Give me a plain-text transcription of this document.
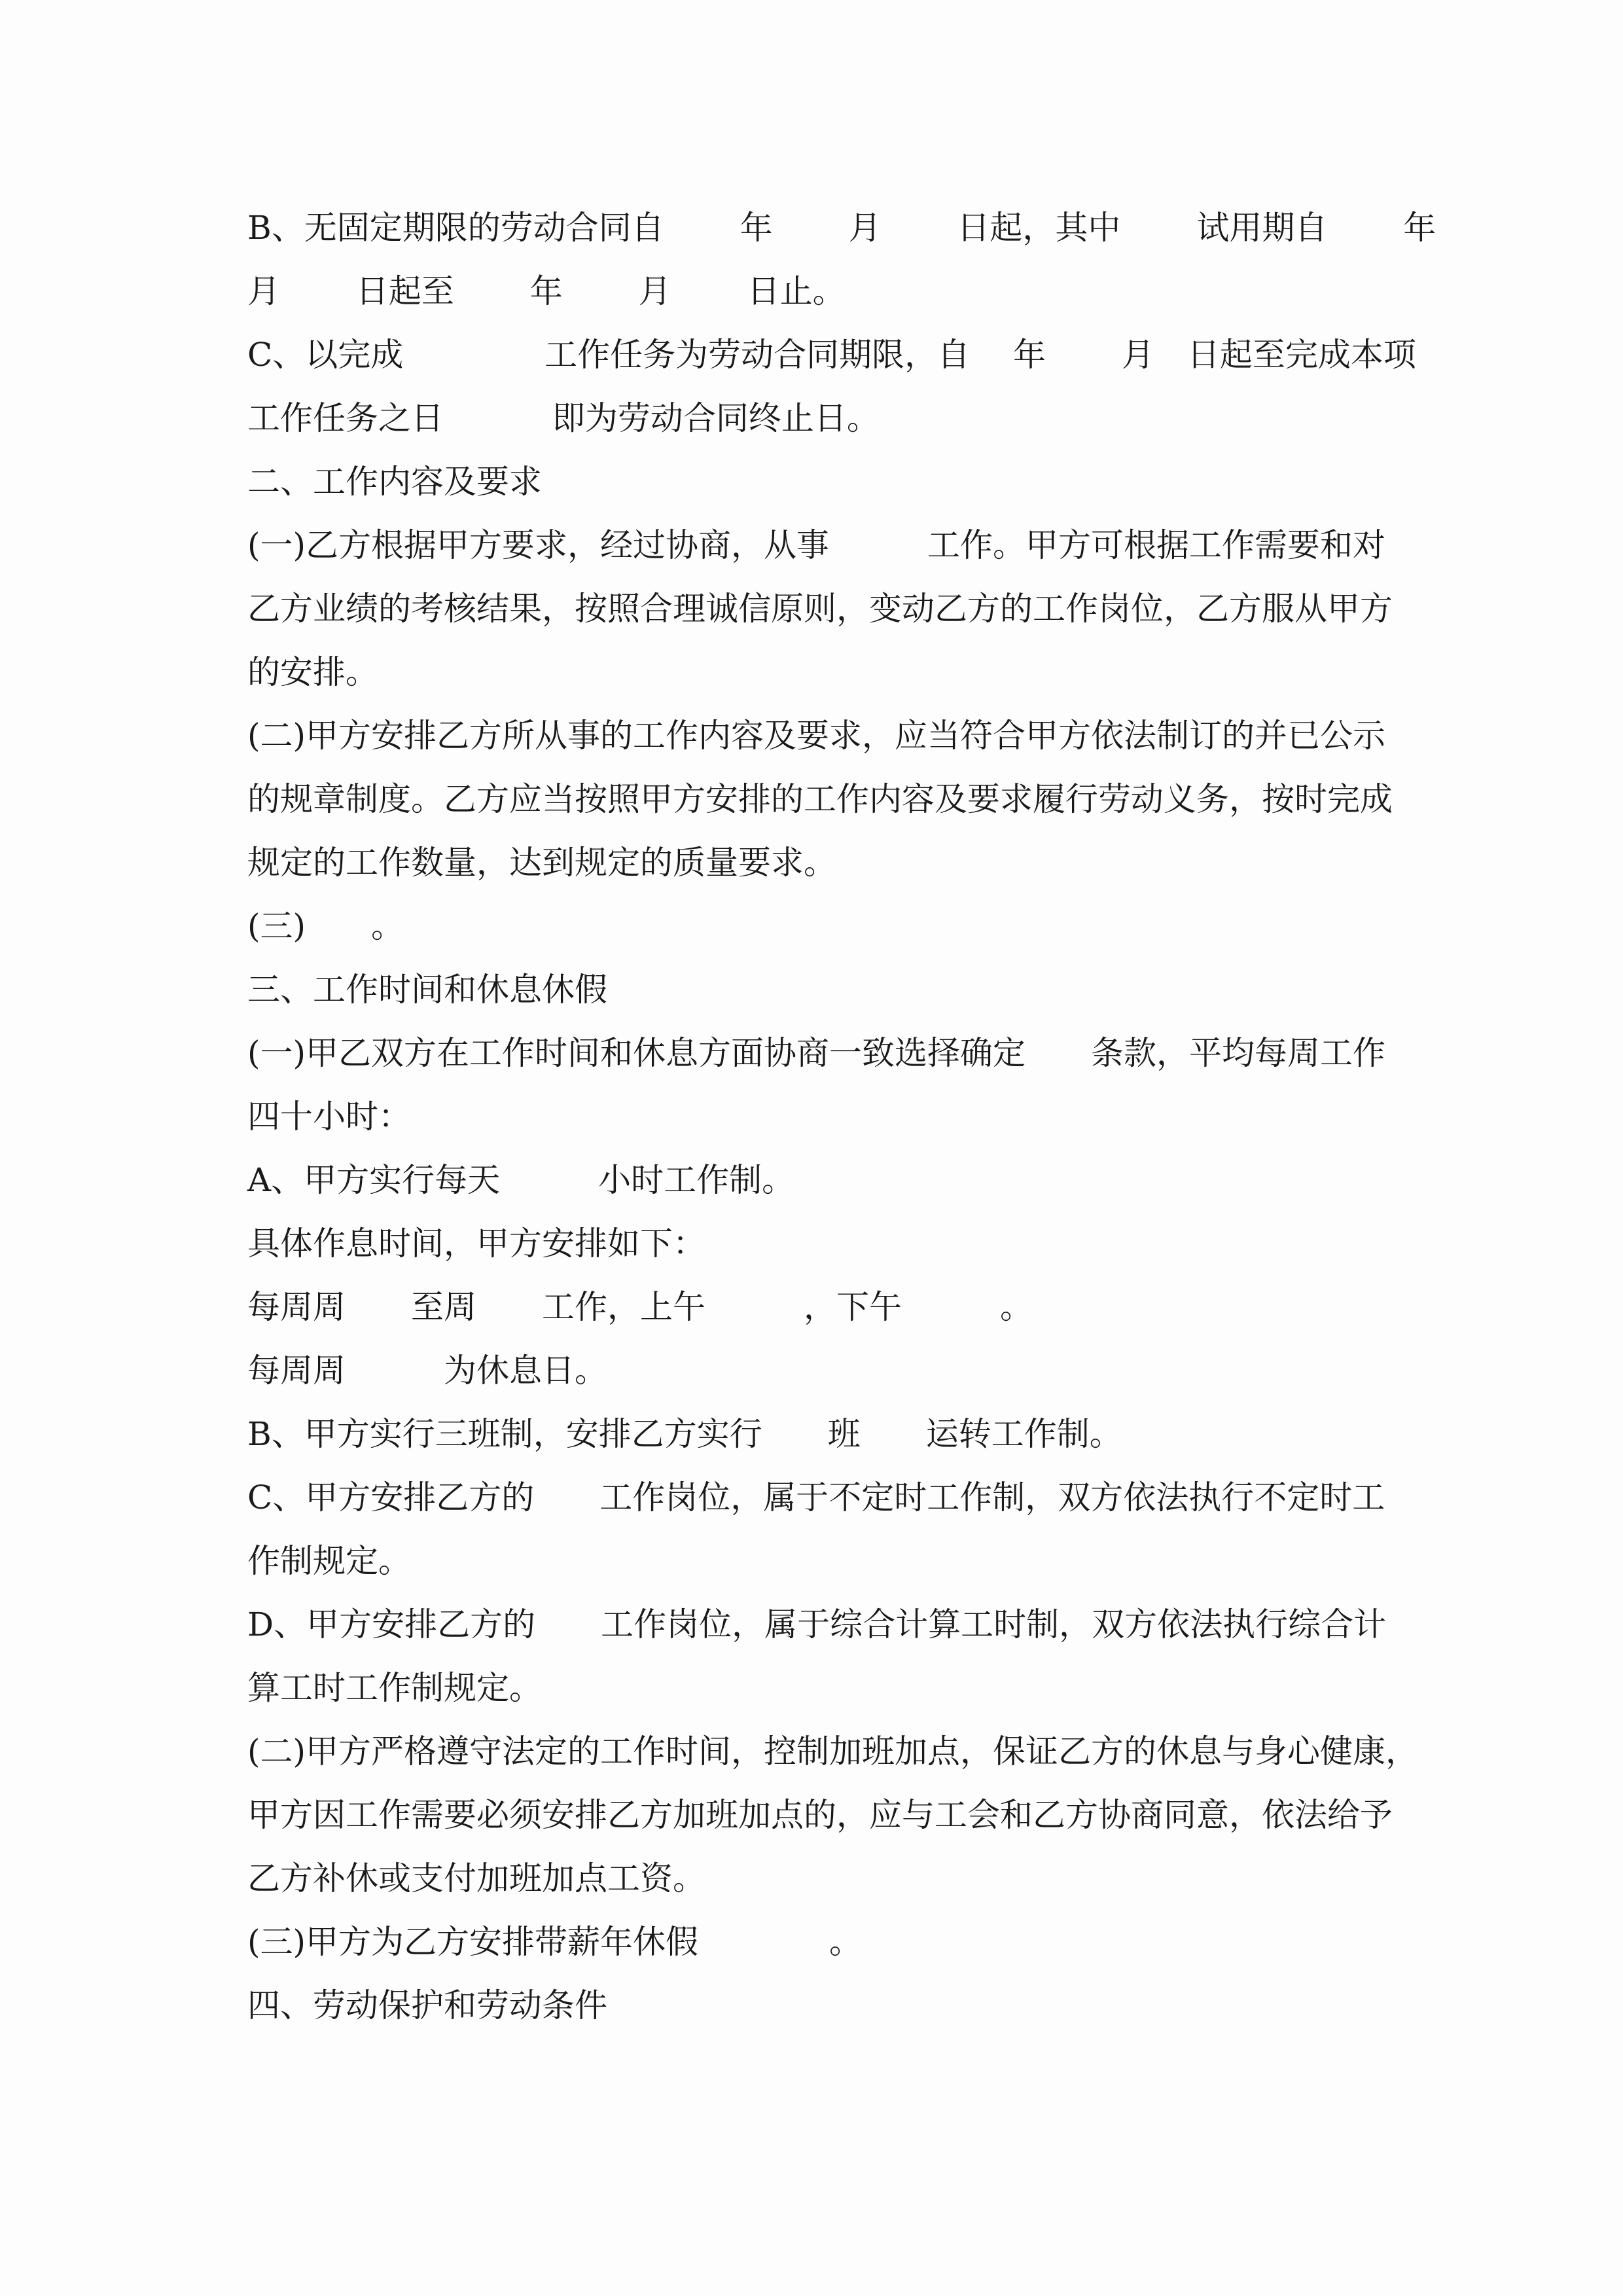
B、无固定期限的劳动合同自　　 年　　 月　　 日起，其中　　 试用期自　　 年
月　　 日起至　　 年　　 月　　 日止。
C、以完成　　　　 工作任务为劳动合同期限，自　 年　　 月　日起至完成本项
工作任务之日　　　 即为劳动合同终止日。
二、工作内容及要求
(一)乙方根据甲方要求，经过协商，从事　　　工作。甲方可根据工作需要和对
乙方业绩的考核结果，按照合理诚信原则，变动乙方的工作岗位，乙方服从甲方
的安排。
(二)甲方安排乙方所从事的工作内容及要求，应当符合甲方依法制订的并已公示
的规章制度。乙方应当按照甲方安排的工作内容及要求履行劳动义务，按时完成
规定的工作数量，达到规定的质量要求。
(三)　　。
三、工作时间和休息休假
(一)甲乙双方在工作时间和休息方面协商一致选择确定　　条款，平均每周工作
四十小时：
A、甲方实行每天　　　小时工作制。
具体作息时间，甲方安排如下：
每周周　　至周　　工作，上午　　　，下午　　　。
每周周　　　为休息日。
B、甲方实行三班制，安排乙方实行　　班　　运转工作制。
C、甲方安排乙方的　　工作岗位，属于不定时工作制，双方依法执行不定时工
作制规定。
D、甲方安排乙方的　　工作岗位，属于综合计算工时制，双方依法执行综合计
算工时工作制规定。
(二)甲方严格遵守法定的工作时间，控制加班加点，保证乙方的休息与身心健康，
甲方因工作需要必须安排乙方加班加点的，应与工会和乙方协商同意，依法给予
乙方补休或支付加班加点工资。
(三)甲方为乙方安排带薪年休假　　　　。
四、劳动保护和劳动条件
